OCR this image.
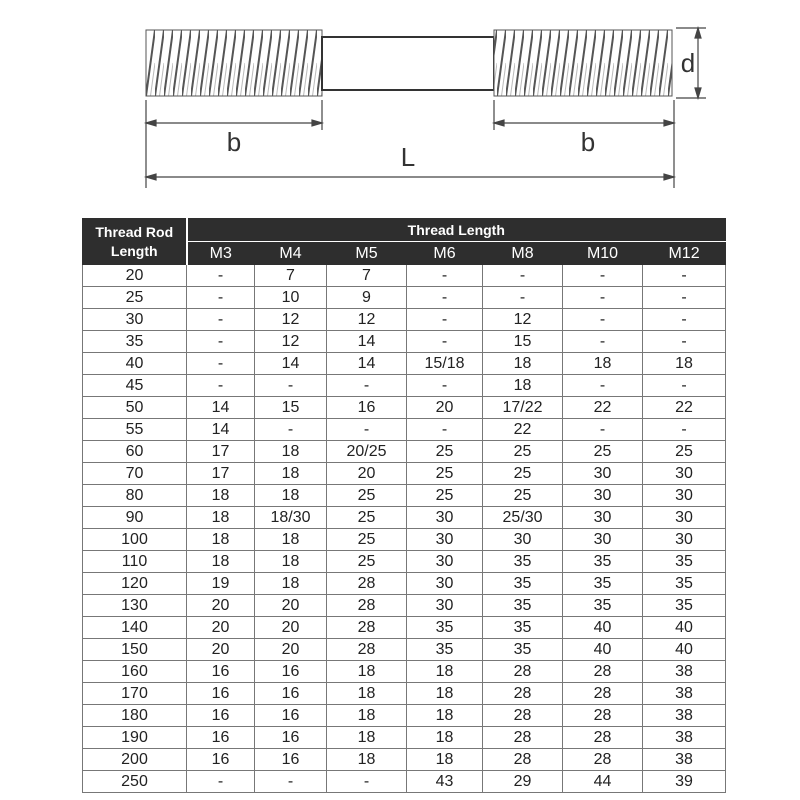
b	L	b
d
Thread Rod
Length	Thread Length						
	M3	M4	M5	M6	M8	M10	M12
20	-	7	7	-	-	-	-
25	-	10	9	-	-	-	-
30	-	12	12	-	12	-	-
35	-	12	14	-	15	-	-
40	-	14	14	15/18	18	18	18
45	-	-	-	-	18	-	-
50	14	15	16	20	17/22	22	22
55	14	-	-	-	22	-	-
60	17	18	20/25	25	25	25	25
70	17	18	20	25	25	30	30
80	18	18	25	25	25	30	30
90	18	18/30	25	30	25/30	30	30
100	18	18	25	30	30	30	30
110	18	18	25	30	35	35	35
120	19	18	28	30	35	35	35
130	20	20	28	30	35	35	35
140	20	20	28	35	35	40	40
150	20	20	28	35	35	40	40
160	16	16	18	18	28	28	38
170	16	16	18	18	28	28	38
180	16	16	18	18	28	28	38
190	16	16	18	18	28	28	38
200	16	16	18	18	28	28	38
250	-	-	-	43	29	44	39
